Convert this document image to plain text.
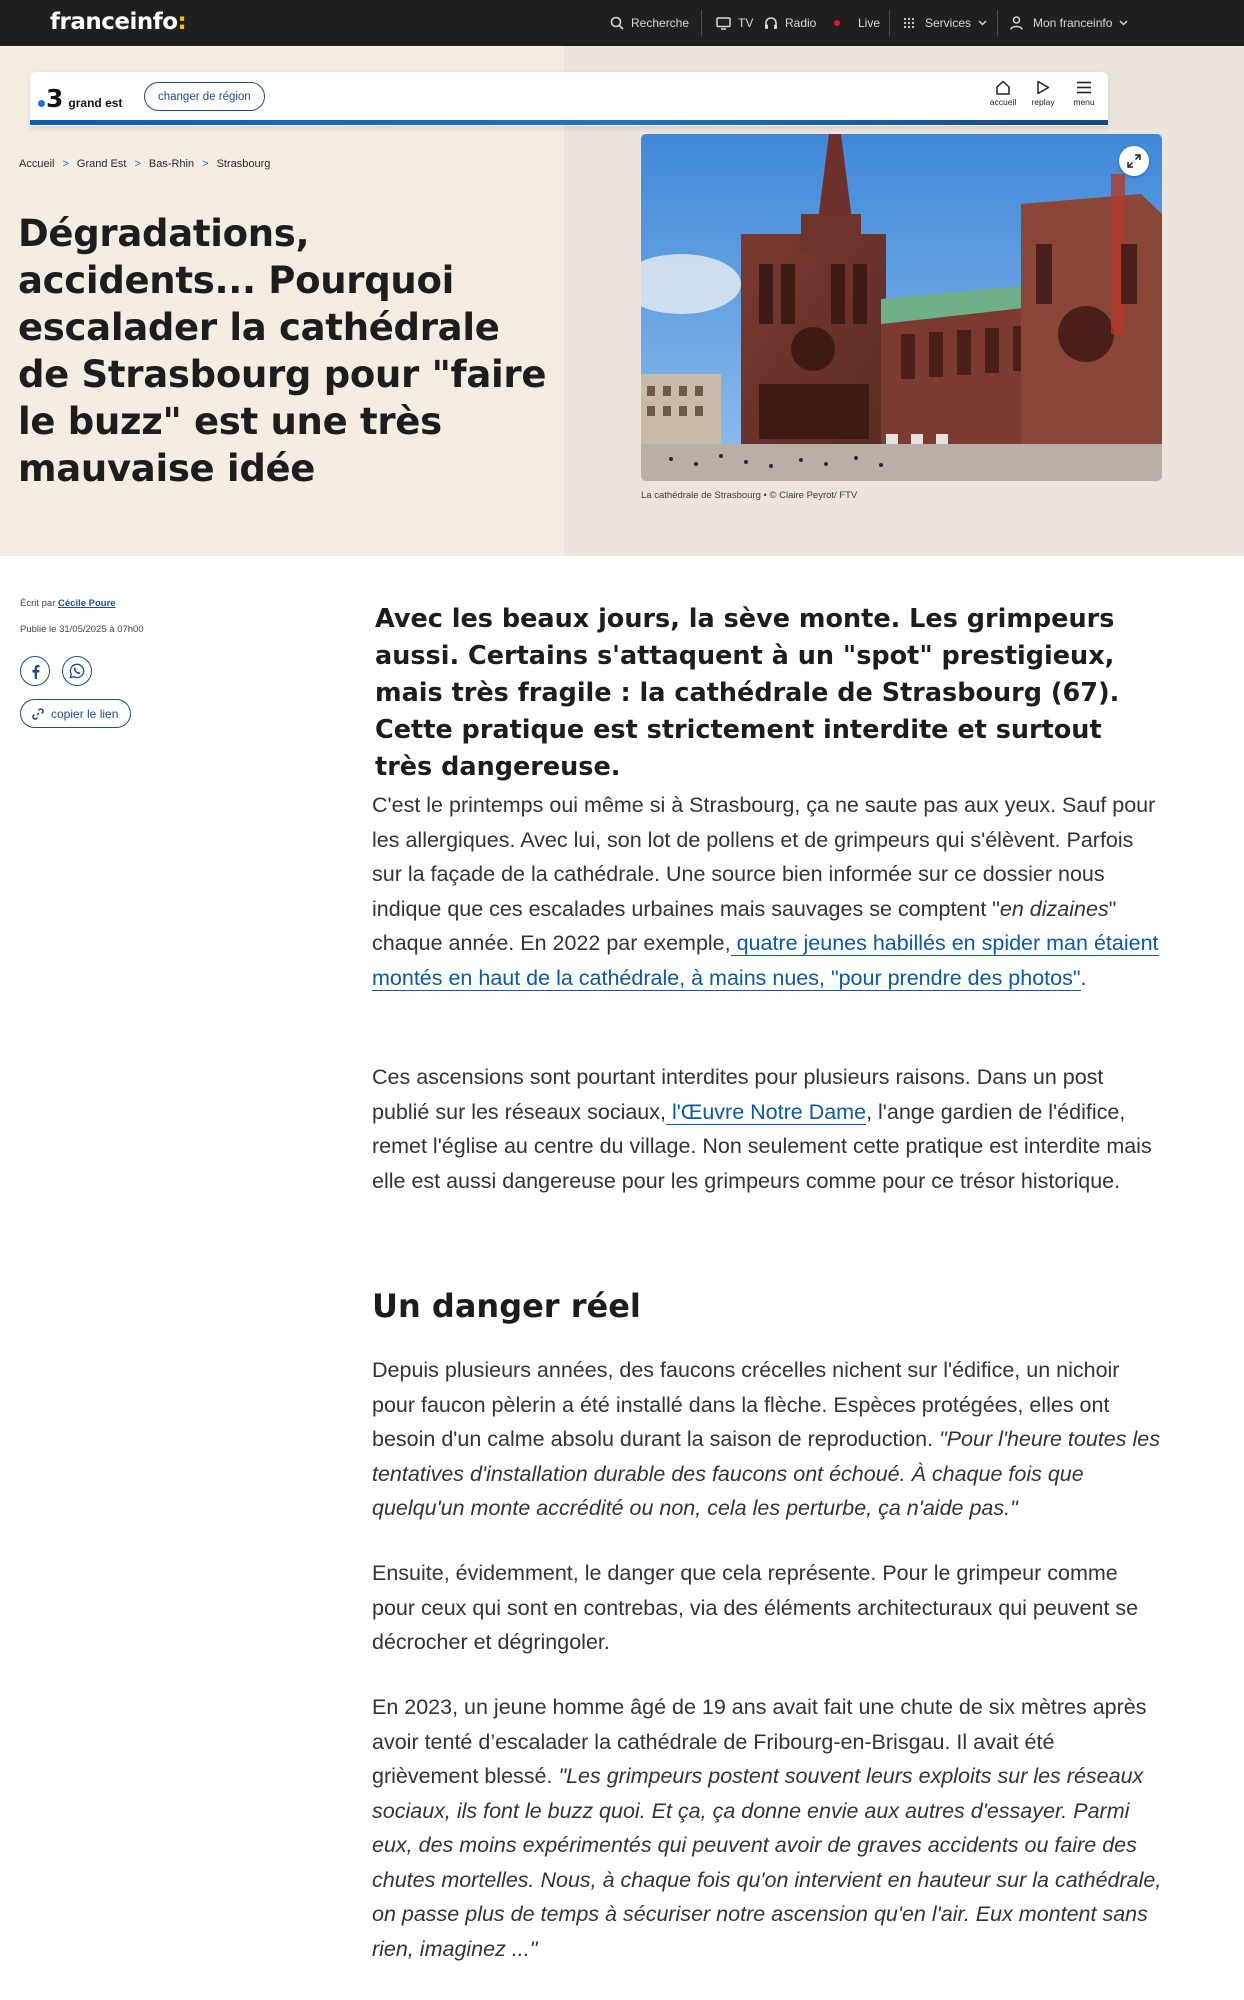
franceinfo:	Recherche	TV	Radio	Live	Services	Mon franceinfo
3 grand est	changer de région	accueil	replay	menu
Accueil > Grand Est > Bas-Rhin > Strasbourg
Dégradations, accidents... Pourquoi escalader la cathédrale de Strasbourg pour "faire le buzz" est une très mauvaise idée
La cathédrale de Strasbourg • © Claire Peyrot/ FTV
Écrit par Cécile Poure
Publié le 31/05/2025 à 07h00
copier le lien

Avec les beaux jours, la sève monte. Les grimpeurs aussi. Certains s'attaquent à un "spot" prestigieux, mais très fragile : la cathédrale de Strasbourg (67). Cette pratique est strictement interdite et surtout très dangereuse.

C'est le printemps oui même si à Strasbourg, ça ne saute pas aux yeux. Sauf pour les allergiques. Avec lui, son lot de pollens et de grimpeurs qui s'élèvent. Parfois sur la façade de la cathédrale. Une source bien informée sur ce dossier nous indique que ces escalades urbaines mais sauvages se comptent "en dizaines" chaque année. En 2022 par exemple, quatre jeunes habillés en spider man étaient montés en haut de la cathédrale, à mains nues, "pour prendre des photos".

Ces ascensions sont pourtant interdites pour plusieurs raisons. Dans un post publié sur les réseaux sociaux, l'Œuvre Notre Dame, l'ange gardien de l'édifice, remet l'église au centre du village. Non seulement cette pratique est interdite mais elle est aussi dangereuse pour les grimpeurs comme pour ce trésor historique.

Un danger réel

Depuis plusieurs années, des faucons crécelles nichent sur l'édifice, un nichoir pour faucon pèlerin a été installé dans la flèche. Espèces protégées, elles ont besoin d'un calme absolu durant la saison de reproduction. "Pour l'heure toutes les tentatives d'installation durable des faucons ont échoué. À chaque fois que quelqu'un monte accrédité ou non, cela les perturbe, ça n'aide pas."

Ensuite, évidemment, le danger que cela représente. Pour le grimpeur comme pour ceux qui sont en contrebas, via des éléments architecturaux qui peuvent se décrocher et dégringoler.

En 2023, un jeune homme âgé de 19 ans avait fait une chute de six mètres après avoir tenté d’escalader la cathédrale de Fribourg-en-Brisgau. Il avait été grièvement blessé. "Les grimpeurs postent souvent leurs exploits sur les réseaux sociaux, ils font le buzz quoi. Et ça, ça donne envie aux autres d'essayer. Parmi eux, des moins expérimentés qui peuvent avoir de graves accidents ou faire des chutes mortelles. Nous, à chaque fois qu'on intervient en hauteur sur la cathédrale, on passe plus de temps à sécuriser notre ascension qu'en l'air. Eux montent sans rien, imaginez ..."
